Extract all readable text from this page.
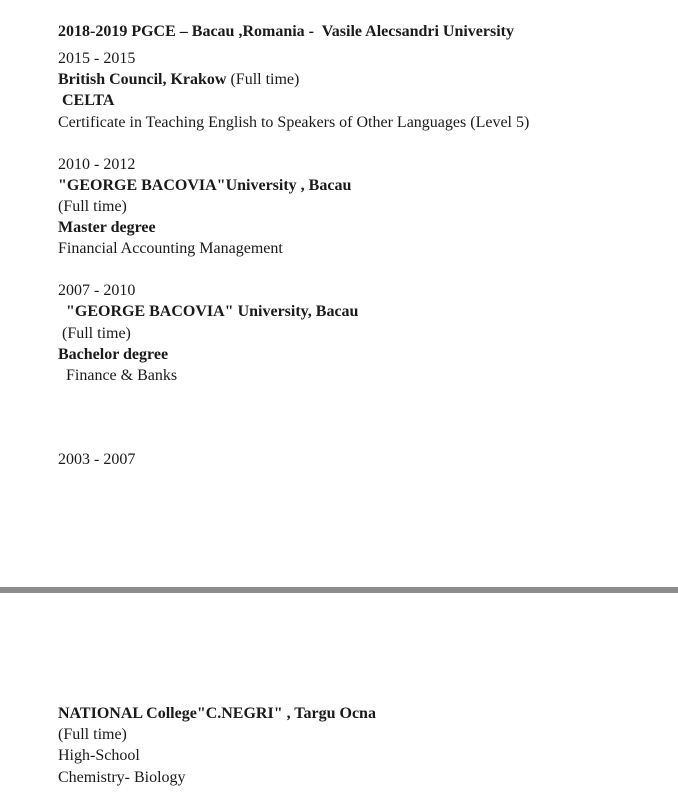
2018-2019 PGCE – Bacau ,Romania -  Vasile Alecsandri University
2015 - 2015
British Council, Krakow (Full time)
CELTA
Certificate in Teaching English to Speakers of Other Languages (Level 5)
2010 - 2012
"GEORGE BACOVIA"University , Bacau
(Full time)
Master degree
Financial Accounting Management
2007 - 2010
"GEORGE BACOVIA" University, Bacau
(Full time)
Bachelor degree
Finance & Banks
2003 - 2007
NATIONAL College"C.NEGRI" , Targu Ocna
(Full time)
High-School
Chemistry- Biology
